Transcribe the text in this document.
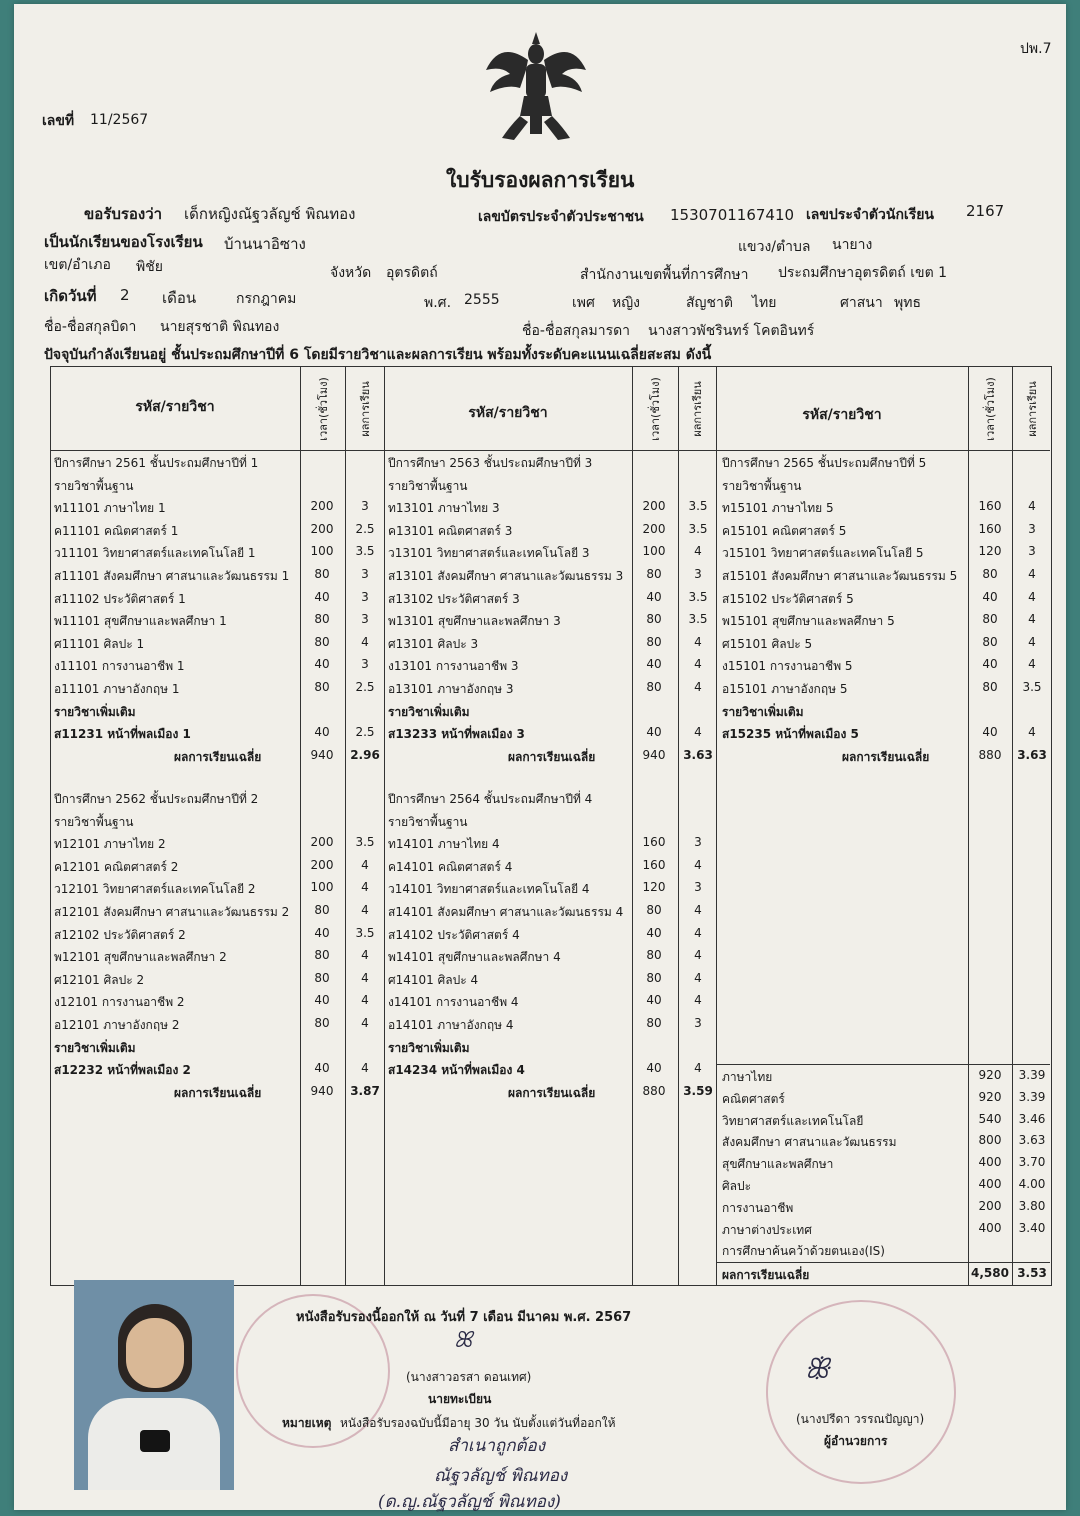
ปพ.7
เลขที่ 11/2567
ใบรับรองผลการเรียน
ขอรับรองว่า เด็กหญิงณัฐวลัญช์ พิณทอง	เลขบัตรประจำตัวประชาชน 1530701167410 เลขประจำตัวนักเรียน 2167
เป็นนักเรียนของโรงเรียน บ้านนาอิซาง	แขวง/ตำบล นายาง
เขต/อำเภอ พิชัย	จังหวัด อุตรดิตถ์	สำนักงานเขตพื้นที่การศึกษา ประถมศึกษาอุตรดิตถ์ เขต 1
เกิดวันที่ 2 เดือน	กรกฎาคม	พ.ศ. 2555	เพศ หญิง	สัญชาติ ไทย	ศาสนา พุทธ
ชื่อ-ชื่อสกุลบิดา นายสุรชาติ พิณทอง	ชื่อ-ชื่อสกุลมารดา นางสาวพัชรินทร์ โคตอินทร์
ปัจจุบันกำลังเรียนอยู่ ชั้นประถมศึกษาปีที่ 6 โดยมีรายวิชาและผลการเรียน พร้อมทั้งระดับคะแนนเฉลี่ยสะสม ดังนี้
รหัส/รายวิชา	เวลา(ชั่วโมง)	ผลการเรียน	รหัส/รายวิชา	เวลา(ชั่วโมง)	ผลการเรียน	รหัส/รายวิชา	เวลา(ชั่วโมง)	ผลการเรียน
ปีการศึกษา 2561 ชั้นประถมศึกษาปีที่ 1
รายวิชาพื้นฐาน
ท11101 ภาษาไทย 1	200	3
ค11101 คณิตศาสตร์ 1	200	2.5
ว11101 วิทยาศาสตร์และเทคโนโลยี 1	100	3.5
ส11101 สังคมศึกษา ศาสนาและวัฒนธรรม 1	80	3
ส11102 ประวัติศาสตร์ 1	40	3
พ11101 สุขศึกษาและพลศึกษา 1	80	3
ศ11101 ศิลปะ 1	80	4
ง11101 การงานอาชีพ 1	40	3
อ11101 ภาษาอังกฤษ 1	80	2.5
รายวิชาเพิ่มเติม
ส11231 หน้าที่พลเมือง 1	40	2.5
ผลการเรียนเฉลี่ย	940	2.96
ปีการศึกษา 2562 ชั้นประถมศึกษาปีที่ 2
รายวิชาพื้นฐาน
ท12101 ภาษาไทย 2	200	3.5
ค12101 คณิตศาสตร์ 2	200	4
ว12101 วิทยาศาสตร์และเทคโนโลยี 2	100	4
ส12101 สังคมศึกษา ศาสนาและวัฒนธรรม 2	80	4
ส12102 ประวัติศาสตร์ 2	40	3.5
พ12101 สุขศึกษาและพลศึกษา 2	80	4
ศ12101 ศิลปะ 2	80	4
ง12101 การงานอาชีพ 2	40	4
อ12101 ภาษาอังกฤษ 2	80	4
รายวิชาเพิ่มเติม
ส12232 หน้าที่พลเมือง 2	40	4
ผลการเรียนเฉลี่ย	940	3.87
ปีการศึกษา 2563 ชั้นประถมศึกษาปีที่ 3
รายวิชาพื้นฐาน
ท13101 ภาษาไทย 3	200	3.5
ค13101 คณิตศาสตร์ 3	200	3.5
ว13101 วิทยาศาสตร์และเทคโนโลยี 3	100	4
ส13101 สังคมศึกษา ศาสนาและวัฒนธรรม 3	80	3
ส13102 ประวัติศาสตร์ 3	40	3.5
พ13101 สุขศึกษาและพลศึกษา 3	80	3.5
ศ13101 ศิลปะ 3	80	4
ง13101 การงานอาชีพ 3	40	4
อ13101 ภาษาอังกฤษ 3	80	4
รายวิชาเพิ่มเติม
ส13233 หน้าที่พลเมือง 3	40	4
ผลการเรียนเฉลี่ย	940	3.63
ปีการศึกษา 2564 ชั้นประถมศึกษาปีที่ 4
รายวิชาพื้นฐาน
ท14101 ภาษาไทย 4	160	3
ค14101 คณิตศาสตร์ 4	160	4
ว14101 วิทยาศาสตร์และเทคโนโลยี 4	120	3
ส14101 สังคมศึกษา ศาสนาและวัฒนธรรม 4	80	4
ส14102 ประวัติศาสตร์ 4	40	4
พ14101 สุขศึกษาและพลศึกษา 4	80	4
ศ14101 ศิลปะ 4	80	4
ง14101 การงานอาชีพ 4	40	4
อ14101 ภาษาอังกฤษ 4	80	3
รายวิชาเพิ่มเติม
ส14234 หน้าที่พลเมือง 4	40	4
ผลการเรียนเฉลี่ย	880	3.59
ปีการศึกษา 2565 ชั้นประถมศึกษาปีที่ 5
รายวิชาพื้นฐาน
ท15101 ภาษาไทย 5	160	4
ค15101 คณิตศาสตร์ 5	160	3
ว15101 วิทยาศาสตร์และเทคโนโลยี 5	120	3
ส15101 สังคมศึกษา ศาสนาและวัฒนธรรม 5	80	4
ส15102 ประวัติศาสตร์ 5	40	4
พ15101 สุขศึกษาและพลศึกษา 5	80	4
ศ15101 ศิลปะ 5	80	4
ง15101 การงานอาชีพ 5	40	4
อ15101 ภาษาอังกฤษ 5	80	3.5
รายวิชาเพิ่มเติม
ส15235 หน้าที่พลเมือง 5	40	4
ผลการเรียนเฉลี่ย	880	3.63
ภาษาไทย	920	3.39
คณิตศาสตร์	920	3.39
วิทยาศาสตร์และเทคโนโลยี	540	3.46
สังคมศึกษา ศาสนาและวัฒนธรรม	800	3.63
สุขศึกษาและพลศึกษา	400	3.70
ศิลปะ	400	4.00
การงานอาชีพ	200	3.80
ภาษาต่างประเทศ	400	3.40
การศึกษาค้นคว้าด้วยตนเอง(IS)
ผลการเรียนเฉลี่ย	4,580 3.53
หนังสือรับรองนี้ออกให้ ณ วันที่ 7 เดือน มีนาคม พ.ศ. 2567
ꕤ
(นางสาวอรสา ดอนเทศ)
นายทะเบียน
หมายเหตุ หนังสือรับรองฉบับนี้มีอายุ 30 วัน นับตั้งแต่วันที่ออกให้
ꕥ
(นางปรีดา วรรณปัญญา)
ผู้อำนวยการ
สำเนาถูกต้อง
ณัฐวลัญช์ พิณทอง
(ด.ญ.ณัฐวลัญช์ พิณทอง)
